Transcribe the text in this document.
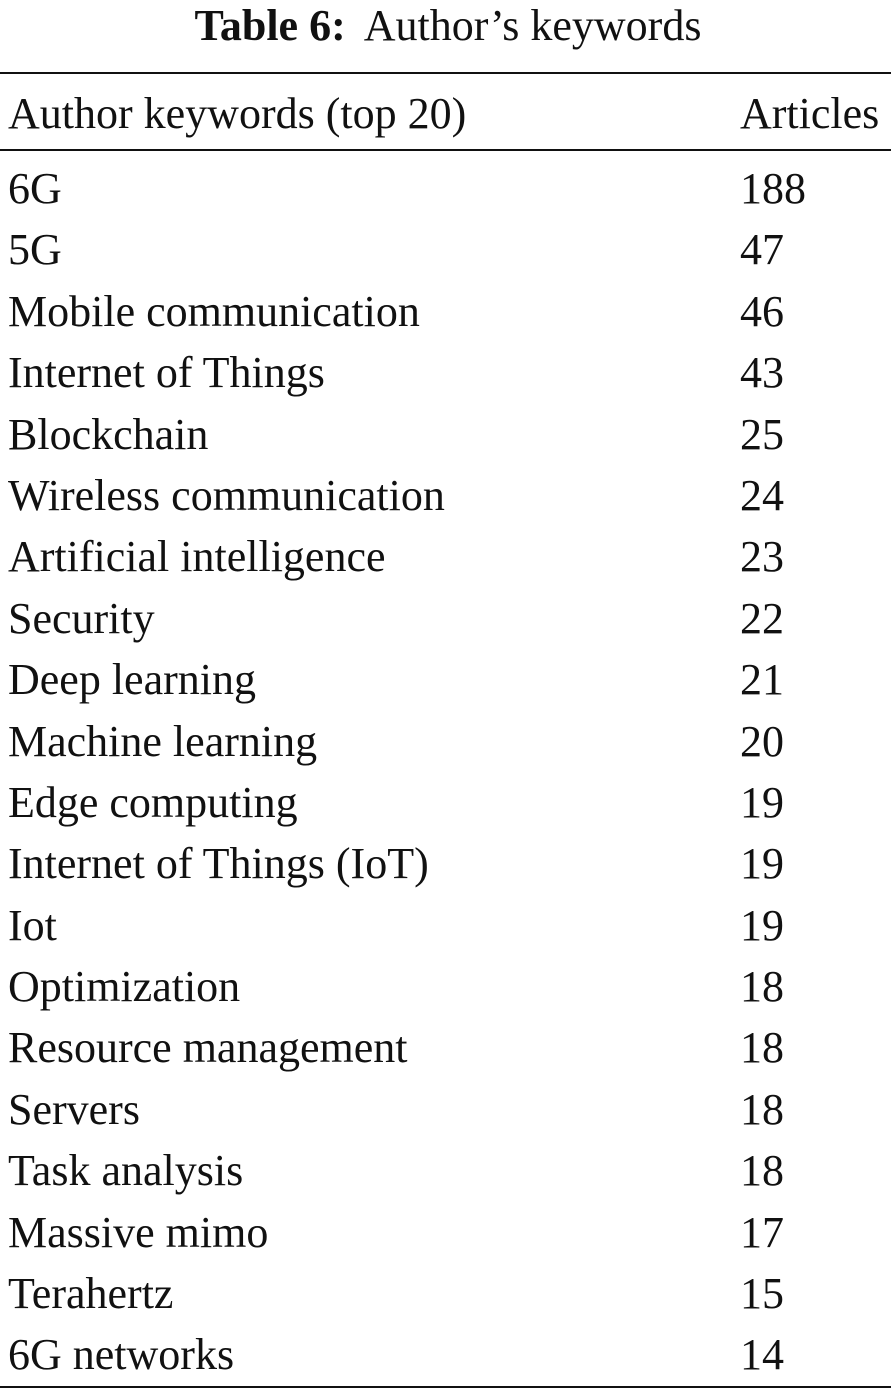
Table 6: Author’s keywords
Author keywords (top 20)	Articles
6G	188
5G	47
Mobile communication	46
Internet of Things	43
Blockchain	25
Wireless communication	24
Artificial intelligence	23
Security	22
Deep learning	21
Machine learning	20
Edge computing	19
Internet of Things (IoT)	19
Iot	19
Optimization	18
Resource management	18
Servers	18
Task analysis	18
Massive mimo	17
Terahertz	15
6G networks	14
